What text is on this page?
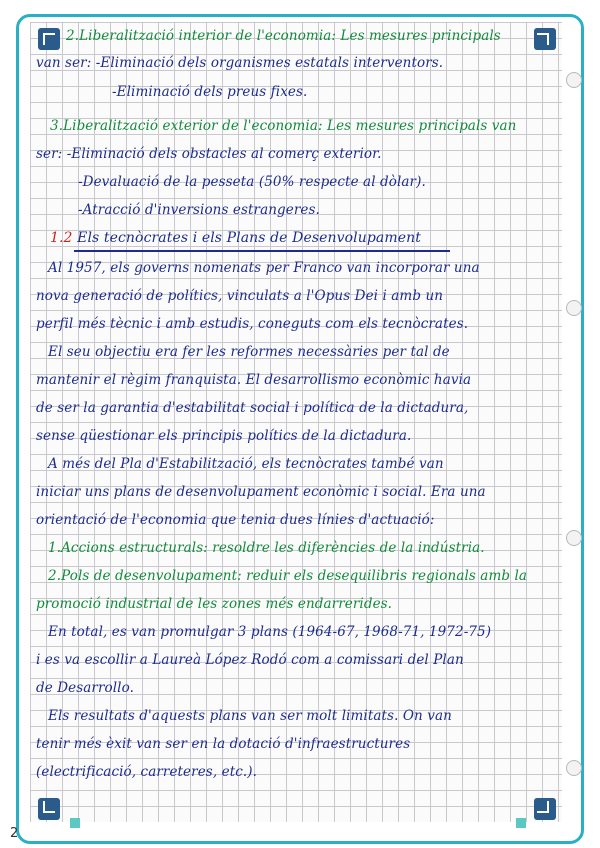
2
2.Liberalització interior de l'economia: Les mesures principals
van ser: -Eliminació dels organismes estatals interventors.
-Eliminació dels preus fixes.
3.Liberalització exterior de l'economia: Les mesures principals van
ser: -Eliminació dels obstacles al comerç exterior.
-Devaluació de la pesseta (50% respecte al dòlar).
-Atracció d'inversions estrangeres.
1.2 Els tecnòcrates i els Plans de Desenvolupament
Al 1957, els governs nomenats per Franco van incorporar una
nova generació de polítics, vinculats a l'Opus Dei i amb un
perfil més tècnic i amb estudis, coneguts com els tecnòcrates.
El seu objectiu era fer les reformes necessàries per tal de
mantenir el règim franquista. El desarrollismo econòmic havia
de ser la garantia d'estabilitat social i política de la dictadura,
sense qüestionar els principis polítics de la dictadura.
A més del Pla d'Estabilització, els tecnòcrates també van
iniciar uns plans de desenvolupament econòmic i social. Era una
orientació de l'economia que tenia dues línies d'actuació:
1.Accions estructurals: resoldre les diferències de la indústria.
2.Pols de desenvolupament: reduir els desequilibris regionals amb la
promoció industrial de les zones més endarrerides.
En total, es van promulgar 3 plans (1964-67, 1968-71, 1972-75)
i es va escollir a Laureà López Rodó com a comissari del Plan
de Desarrollo.
Els resultats d'aquests plans van ser molt limitats. On van
tenir més èxit van ser en la dotació d'infraestructures
(electrificació, carreteres, etc.).
